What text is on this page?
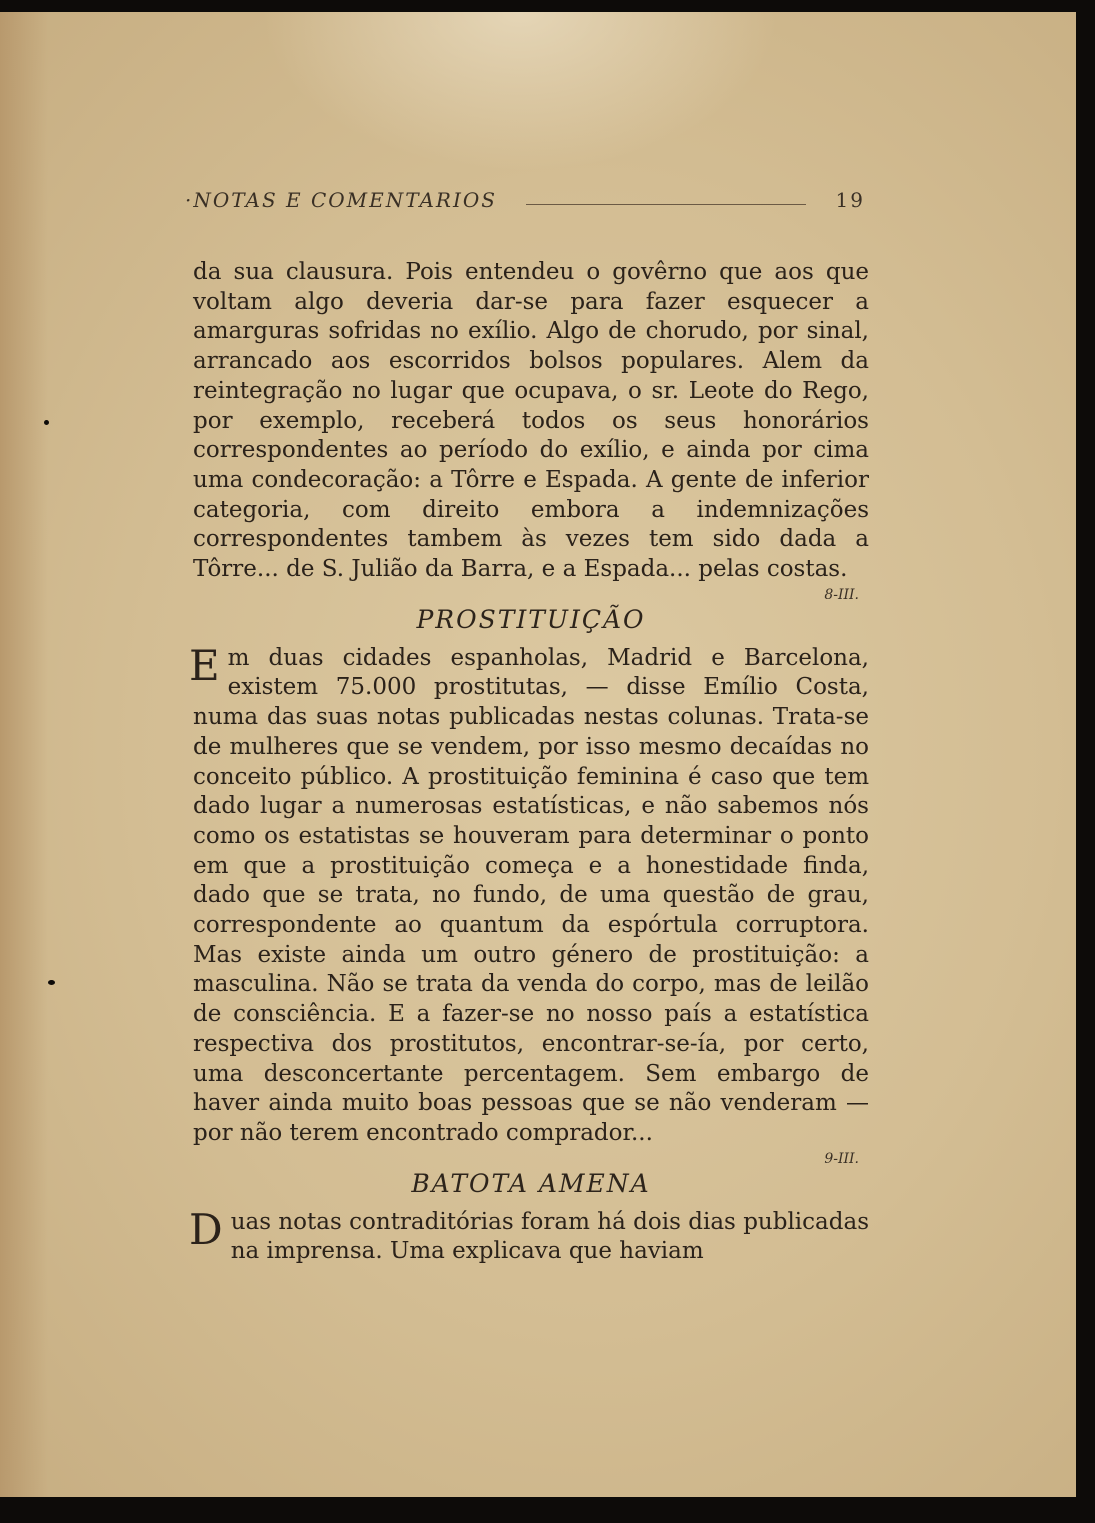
·NOTAS E COMENTARIOS	19

da sua clausura. Pois entendeu o govêrno que aos que voltam algo deveria dar-se para fazer esquecer a amarguras sofridas no exílio. Algo de chorudo, por sinal, arrancado aos escorridos bolsos populares. Alem da reintegração no lugar que ocupava, o sr. Leote do Rego, por exemplo, receberá todos os seus honorários correspondentes ao período do exílio, e ainda por cima uma condecoração: a Tôrre e Espada. A gente de inferior categoria, com direito embora a indemnizações correspondentes tambem às vezes tem sido dada a Tôrre... de S. Julião da Barra, e a Espada... pelas costas.

8-III.
PROSTITUIÇÃO

Em duas cidades espanholas, Madrid e Barcelona, existem 75.000 prostitutas, — disse Emílio Costa, numa das suas notas publicadas nestas colunas. Trata-se de mulheres que se vendem, por isso mesmo decaídas no conceito público. A prostituição feminina é caso que tem dado lugar a numerosas estatísticas, e não sabemos nós como os estatistas se houveram para determinar o ponto em que a prostituição começa e a honestidade finda, dado que se trata, no fundo, de uma questão de grau, correspondente ao quantum da espórtula corruptora. Mas existe ainda um outro género de prostituição: a masculina. Não se trata da venda do corpo, mas de leilão de consciência. E a fazer-se no nosso país a estatística respectiva dos prostitutos, encontrar-se-ía, por certo, uma desconcertante percentagem. Sem embargo de haver ainda muito boas pessoas que se não venderam — por não terem encontrado comprador...

9-III.
BATOTA AMENA

Duas notas contraditórias foram há dois dias publicadas na imprensa. Uma explicava que haviam
